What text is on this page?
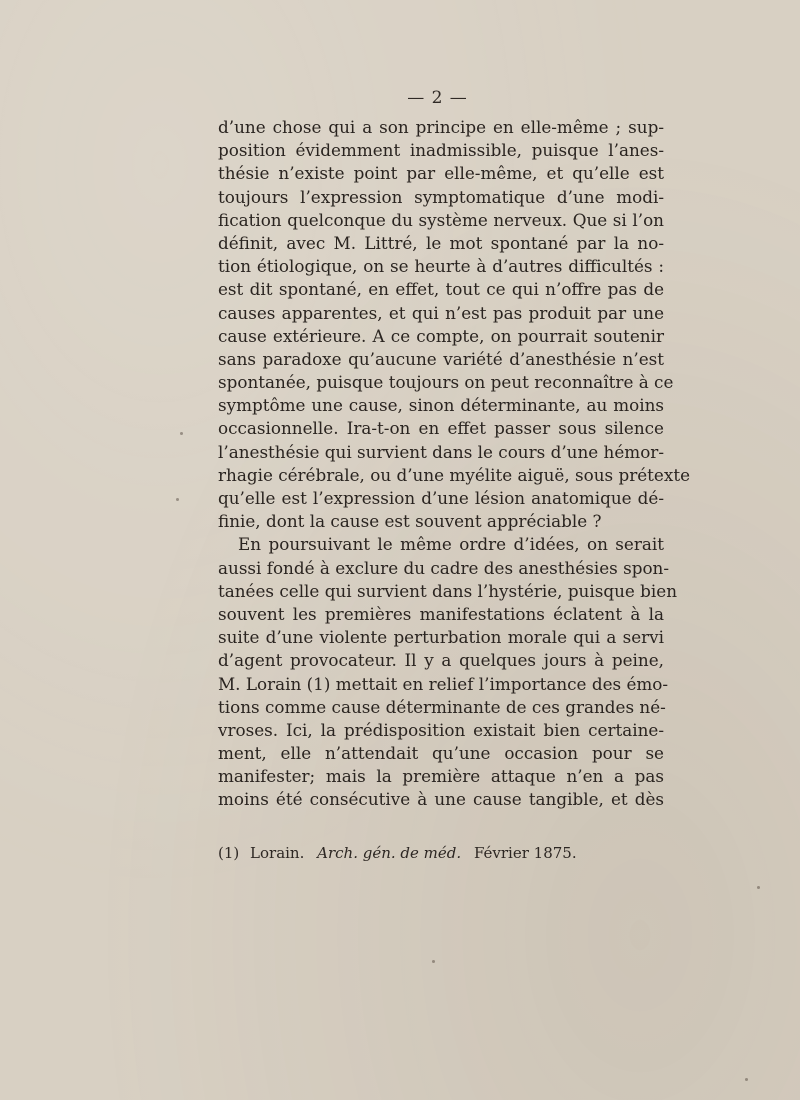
— 2 —
d’une chose qui a son principe en elle-même ; sup-
position évidemment inadmissible, puisque l’anes-
thésie n’existe point par elle-même, et qu’elle est
toujours l’expression symptomatique d’une modi-
fication quelconque du système nerveux. Que si l’on
définit, avec M. Littré, le mot spontané par la no-
tion étiologique, on se heurte à d’autres difficultés :
est dit spontané, en effet, tout ce qui n’offre pas de
causes apparentes, et qui n’est pas produit par une
cause extérieure. A ce compte, on pourrait soutenir
sans paradoxe qu’aucune variété d’anesthésie n’est
spontanée, puisque toujours on peut reconnaître à ce
symptôme une cause, sinon déterminante, au moins
occasionnelle. Ira-t-on en effet passer sous silence
l’anesthésie qui survient dans le cours d’une hémor-
rhagie cérébrale, ou d’une myélite aiguë, sous prétexte
qu’elle est l’expression d’une lésion anatomique dé-
finie, dont la cause est souvent appréciable ?
En poursuivant le même ordre d’idées, on serait
aussi fondé à exclure du cadre des anesthésies spon-
tanées celle qui survient dans l’hystérie, puisque bien
souvent les premières manifestations éclatent à la
suite d’une violente perturbation morale qui a servi
d’agent provocateur. Il y a quelques jours à peine,
M. Lorain (1) mettait en relief l’importance des émo-
tions comme cause déterminante de ces grandes né-
vroses. Ici, la prédisposition existait bien certaine-
ment, elle n’attendait qu’une occasion pour se
manifester; mais la première attaque n’en a pas
moins été consécutive à une cause tangible, et dès
(1) Lorain. Arch. gén. de méd. Février 1875.
